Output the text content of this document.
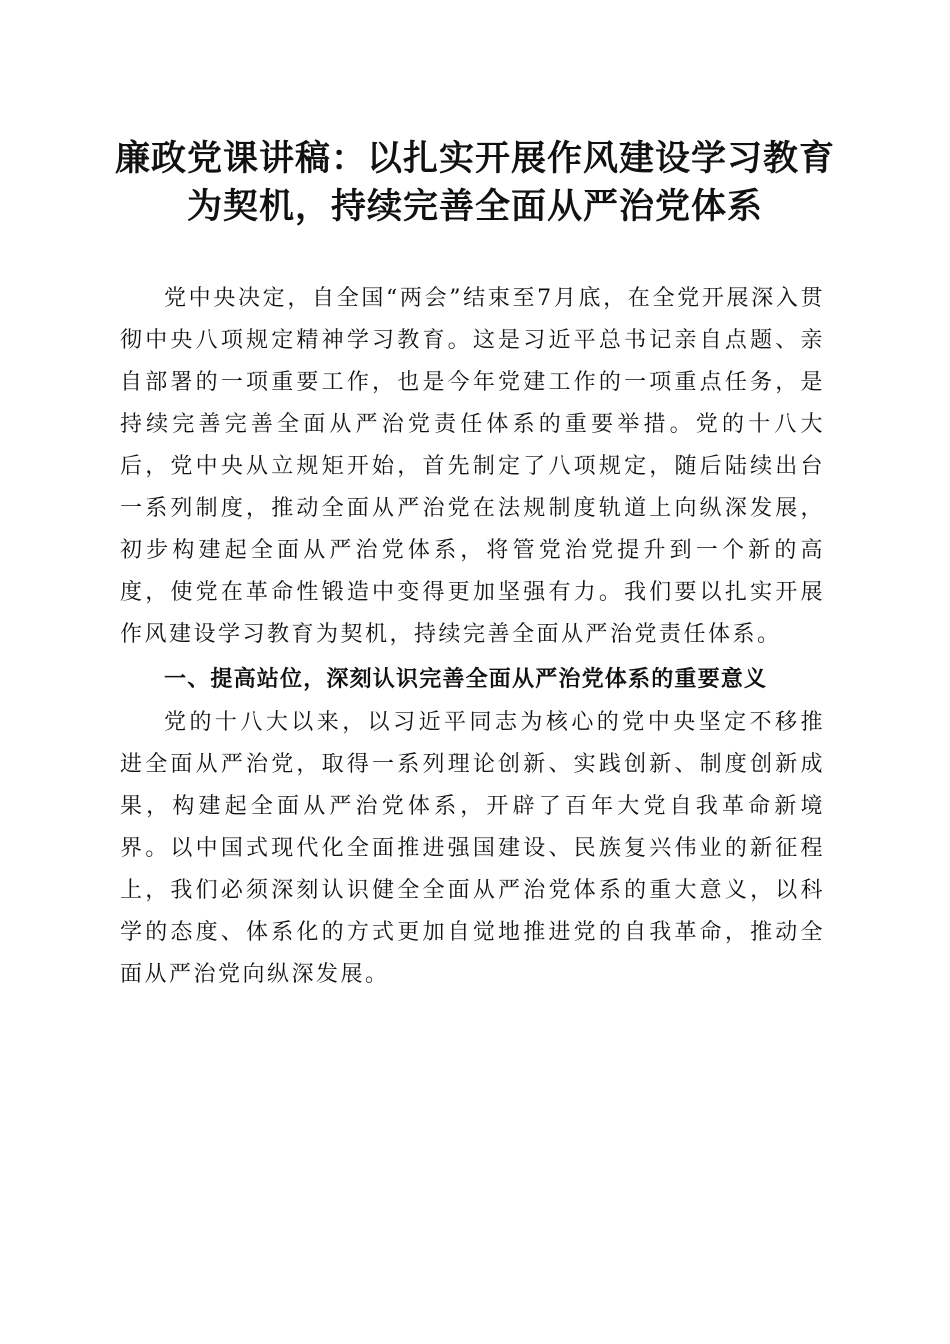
廉政党课讲稿：以扎实开展作风建设学习教育
为契机，持续完善全面从严治党体系

党中央决定，自全国“两会”结束至7月底，在全党开展深入贯彻中央八项规定精神学习教育。这是习近平总书记亲自点题、亲自部署的一项重要工作，也是今年党建工作的一项重点任务，是持续完善完善全面从严治党责任体系的重要举措。党的十八大后，党中央从立规矩开始，首先制定了八项规定，随后陆续出台一系列制度，推动全面从严治党在法规制度轨道上向纵深发展，初步构建起全面从严治党体系，将管党治党提升到一个新的高度，使党在革命性锻造中变得更加坚强有力。我们要以扎实开展作风建设学习教育为契机，持续完善全面从严治党责任体系。

一、提高站位，深刻认识完善全面从严治党体系的重要意义

党的十八大以来，以习近平同志为核心的党中央坚定不移推进全面从严治党，取得一系列理论创新、实践创新、制度创新成果，构建起全面从严治党体系，开辟了百年大党自我革命新境界。以中国式现代化全面推进强国建设、民族复兴伟业的新征程上，我们必须深刻认识健全全面从严治党体系的重大意义，以科学的态度、体系化的方式更加自觉地推进党的自我革命，推动全面从严治党向纵深发展。
